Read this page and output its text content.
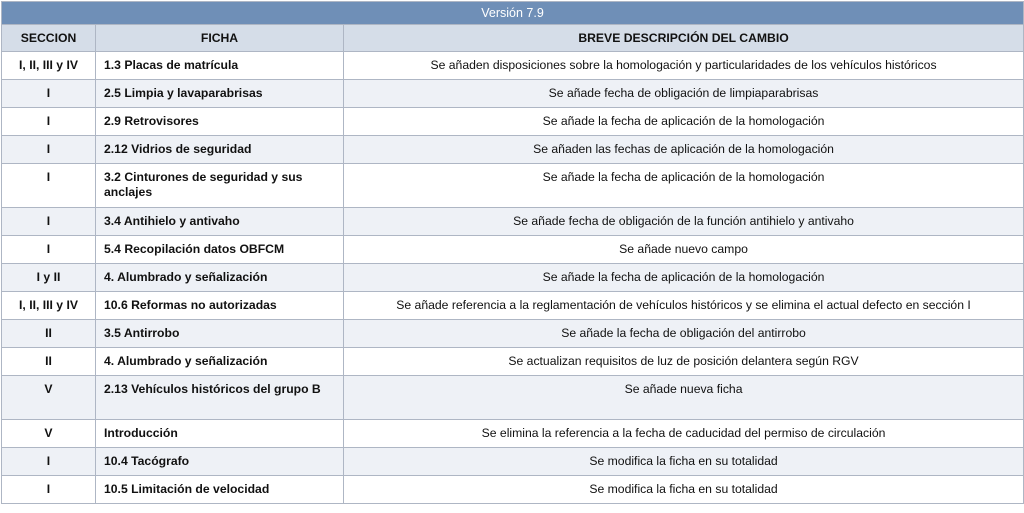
Versión 7.9		
SECCION	FICHA	BREVE DESCRIPCIÓN DEL CAMBIO
I, II, III y IV	1.3 Placas de matrícula	Se añaden disposiciones sobre la homologación y particularidades de los vehículos históricos
I	2.5 Limpia y lavaparabrisas	Se añade fecha de obligación de limpiaparabrisas
I	2.9 Retrovisores	Se añade la fecha de aplicación de la homologación
I	2.12 Vidrios de seguridad	Se añaden las fechas de aplicación de la homologación
I	3.2 Cinturones de seguridad y sus anclajes	Se añade la fecha de aplicación de la homologación
I	3.4 Antihielo y antivaho	Se añade fecha de obligación de la función antihielo y antivaho
I	5.4 Recopilación datos OBFCM	Se añade nuevo campo
I y II	4. Alumbrado y señalización	Se añade la fecha de aplicación de la homologación
I, II, III y IV	10.6 Reformas no autorizadas	Se añade referencia a la reglamentación de vehículos históricos y se elimina el actual defecto en sección I
II	3.5 Antirrobo	Se añade la fecha de obligación del antirrobo
II	4. Alumbrado y señalización	Se actualizan requisitos de luz de posición delantera según RGV
V	2.13 Vehículos históricos del grupo B	Se añade nueva ficha
V	Introducción	Se elimina la referencia a la fecha de caducidad del permiso de circulación
I	10.4 Tacógrafo	Se modifica la ficha en su totalidad
I	10.5 Limitación de velocidad	Se modifica la ficha en su totalidad
